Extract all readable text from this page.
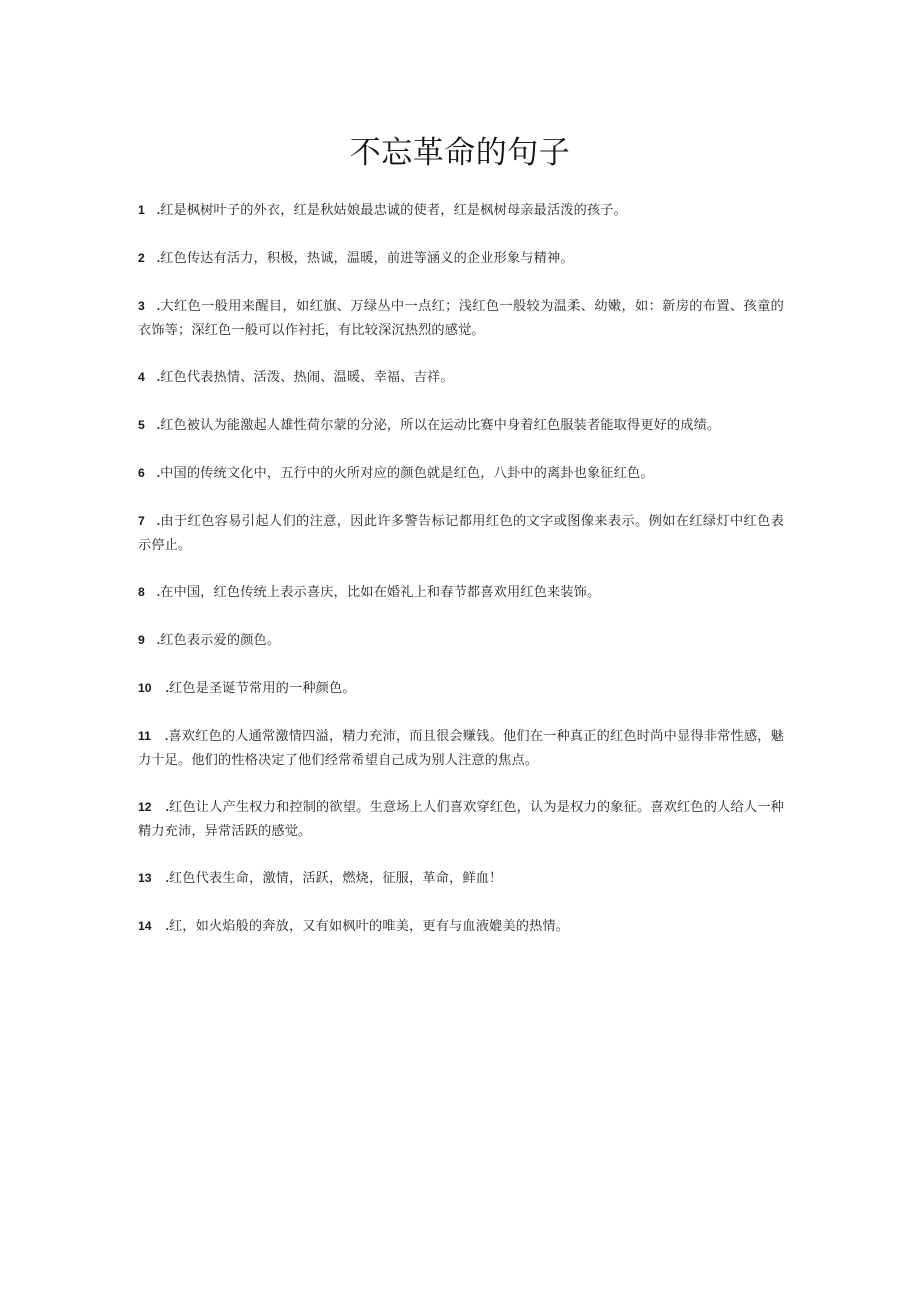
不忘革命的句子

1 .红是枫树叶子的外衣，红是秋姑娘最忠诚的使者，红是枫树母亲最活泼的孩子。

2 .红色传达有活力，积极，热诚，温暖，前进等涵义的企业形象与精神。

3 .大红色一般用来醒目，如红旗、万绿丛中一点红；浅红色一般较为温柔、幼嫩，如：新房的布置、孩童的衣饰等；深红色一般可以作衬托，有比较深沉热烈的感觉。

4 .红色代表热情、活泼、热闹、温暖、幸福、吉祥。

5 .红色被认为能激起人雄性荷尔蒙的分泌，所以在运动比赛中身着红色服装者能取得更好的成绩。

6 .中国的传统文化中，五行中的火所对应的颜色就是红色，八卦中的离卦也象征红色。

7 .由于红色容易引起人们的注意，因此许多警告标记都用红色的文字或图像来表示。例如在红绿灯中红色表示停止。

8 .在中国，红色传统上表示喜庆，比如在婚礼上和春节都喜欢用红色来装饰。

9 .红色表示爱的颜色。

10 .红色是圣诞节常用的一种颜色。

11 .喜欢红色的人通常激情四溢，精力充沛，而且很会赚钱。他们在一种真正的红色时尚中显得非常性感，魅力十足。他们的性格决定了他们经常希望自己成为别人注意的焦点。

12 .红色让人产生权力和控制的欲望。生意场上人们喜欢穿红色，认为是权力的象征。喜欢红色的人给人一种精力充沛，异常活跃的感觉。

13 .红色代表生命，激情，活跃，燃烧，征服，革命，鲜血！

14 .红，如火焰般的奔放，又有如枫叶的唯美，更有与血液媲美的热情。
